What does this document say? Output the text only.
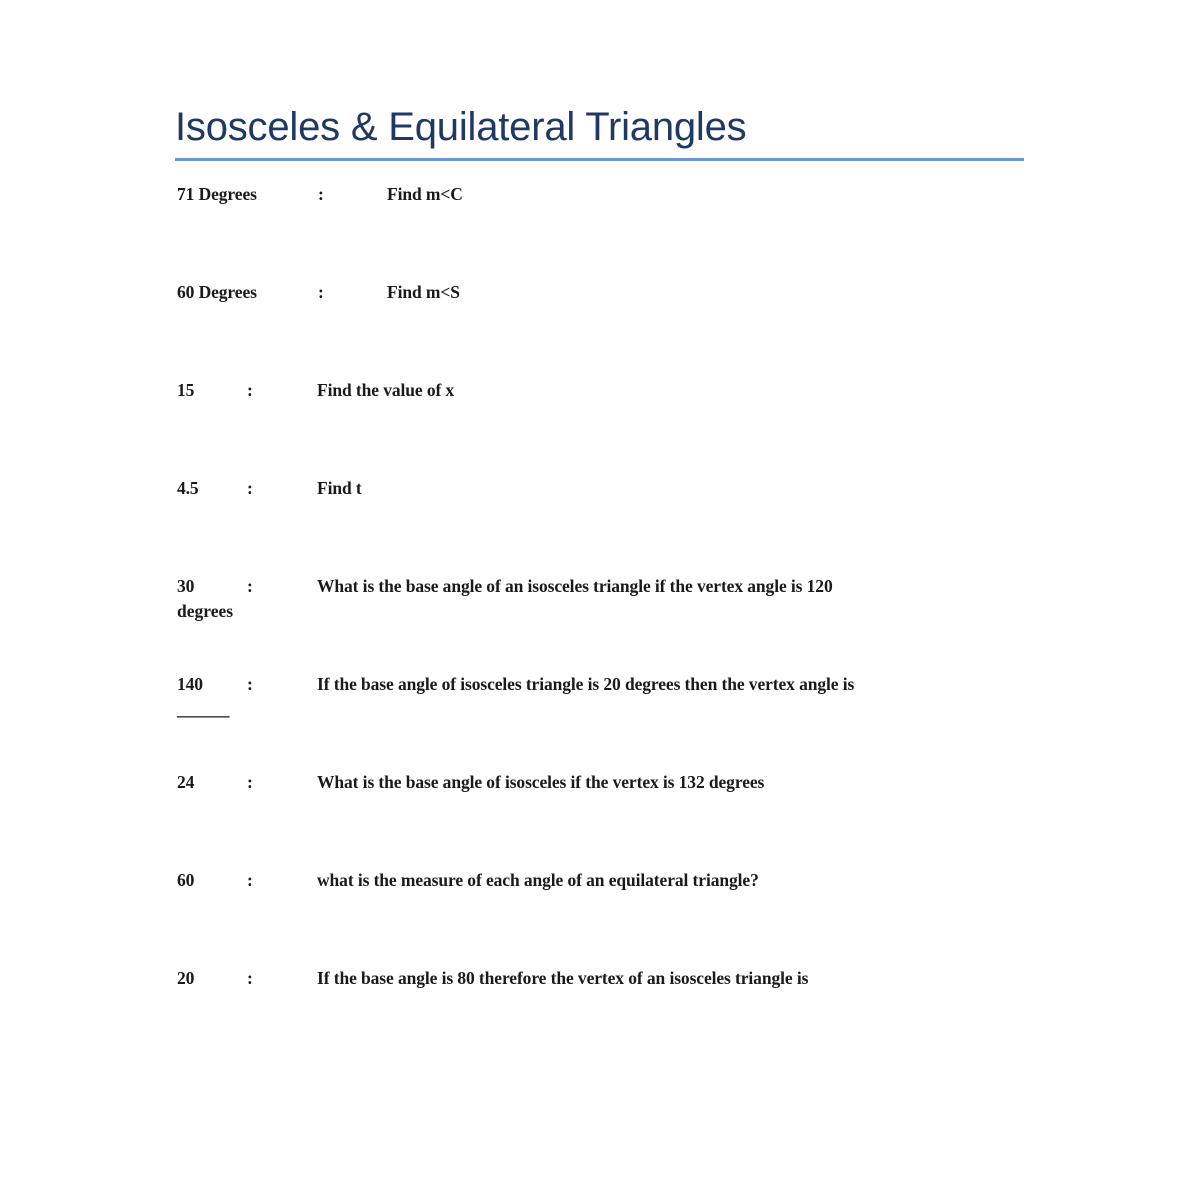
Isosceles & Equilateral Triangles
71 Degrees	:	Find m<C
60 Degrees	:	Find m<S
15	:	Find the value of x
4.5	:	Find t
30	:	What is the base angle of an isosceles triangle if the vertex angle is 120
degrees
140	:	If the base angle of isosceles triangle is 20 degrees then the vertex angle is
______
24	:	What is the base angle of isosceles if the vertex is 132 degrees
60	:	what is the measure of each angle of an equilateral triangle?
20	:	If the base angle is 80 therefore the vertex of an isosceles triangle is
